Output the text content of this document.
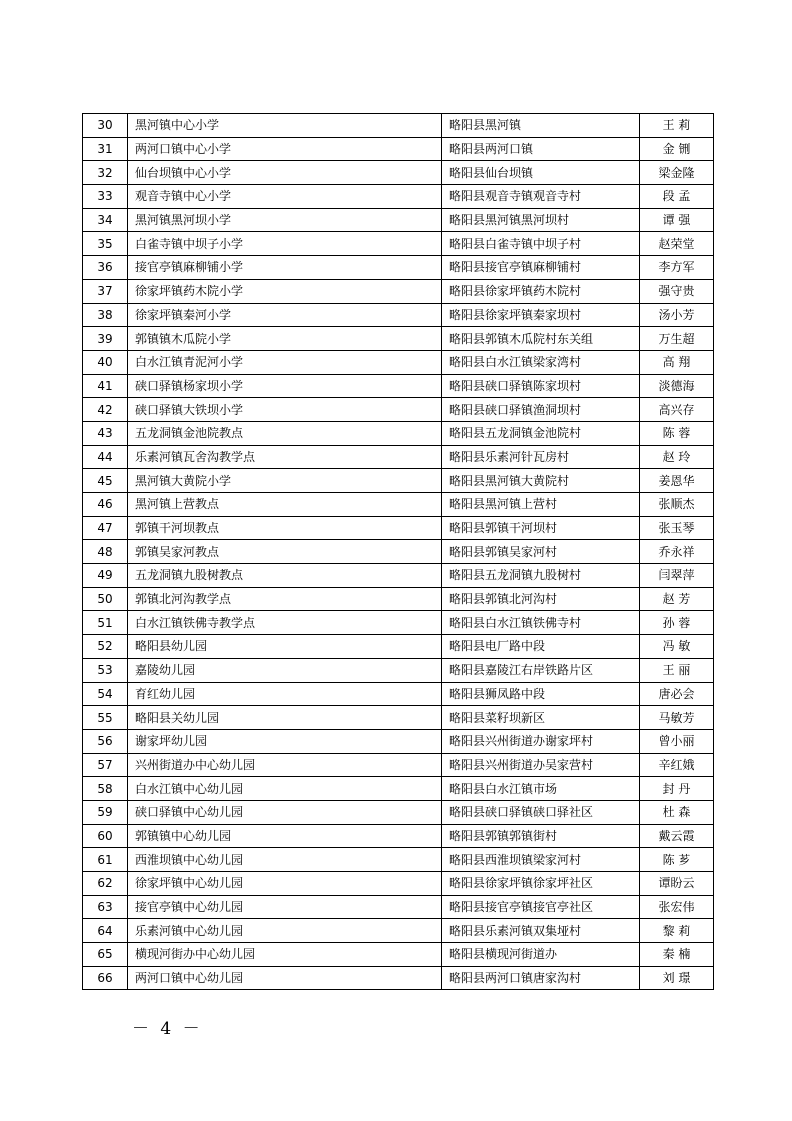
30	黑河镇中心小学	略阳县黑河镇	王 莉
31	两河口镇中心小学	略阳县两河口镇	金 铏
32	仙台坝镇中心小学	略阳县仙台坝镇	梁金隆
33	观音寺镇中心小学	略阳县观音寺镇观音寺村	段 孟
34	黑河镇黑河坝小学	略阳县黑河镇黑河坝村	谭 强
35	白雀寺镇中坝子小学	略阳县白雀寺镇中坝子村	赵荣堂
36	接官亭镇麻柳铺小学	略阳县接官亭镇麻柳铺村	李方军
37	徐家坪镇药木院小学	略阳县徐家坪镇药木院村	强守贵
38	徐家坪镇秦河小学	略阳县徐家坪镇秦家坝村	汤小芳
39	郭镇镇木瓜院小学	略阳县郭镇木瓜院村东关组	万生超
40	白水江镇青泥河小学	略阳县白水江镇梁家湾村	高 翔
41	硖口驿镇杨家坝小学	略阳县硖口驿镇陈家坝村	淡德海
42	硖口驿镇大铁坝小学	略阳县硖口驿镇渔洞坝村	高兴存
43	五龙洞镇金池院教点	略阳县五龙洞镇金池院村	陈 蓉
44	乐素河镇瓦舍沟教学点	略阳县乐素河针瓦房村	赵 玲
45	黑河镇大黄院小学	略阳县黑河镇大黄院村	姜恩华
46	黑河镇上营教点	略阳县黑河镇上营村	张顺杰
47	郭镇干河坝教点	略阳县郭镇干河坝村	张玉琴
48	郭镇吴家河教点	略阳县郭镇吴家河村	乔永祥
49	五龙洞镇九股树教点	略阳县五龙洞镇九股树村	闫翠萍
50	郭镇北河沟教学点	略阳县郭镇北河沟村	赵 芳
51	白水江镇铁佛寺教学点	略阳县白水江镇铁佛寺村	孙 蓉
52	略阳县幼儿园	略阳县电厂路中段	冯 敏
53	嘉陵幼儿园	略阳县嘉陵江右岸铁路片区	王 丽
54	育红幼儿园	略阳县狮凤路中段	唐必会
55	略阳县关幼儿园	略阳县菜籽坝新区	马敏芳
56	谢家坪幼儿园	略阳县兴州街道办谢家坪村	曾小丽
57	兴州街道办中心幼儿园	略阳县兴州街道办吴家营村	辛红娥
58	白水江镇中心幼儿园	略阳县白水江镇市场	封 丹
59	硖口驿镇中心幼儿园	略阳县硖口驿镇硖口驿社区	杜 森
60	郭镇镇中心幼儿园	略阳县郭镇郭镇街村	戴云霞
61	西淮坝镇中心幼儿园	略阳县西淮坝镇梁家河村	陈 芗
62	徐家坪镇中心幼儿园	略阳县徐家坪镇徐家坪社区	谭盼云
63	接官亭镇中心幼儿园	略阳县接官亭镇接官亭社区	张宏伟
64	乐素河镇中心幼儿园	略阳县乐素河镇双集垭村	黎 莉
65	横现河街办中心幼儿园	略阳县横现河街道办	秦 楠
66	两河口镇中心幼儿园	略阳县两河口镇唐家沟村	刘 璟
－ 4 －
